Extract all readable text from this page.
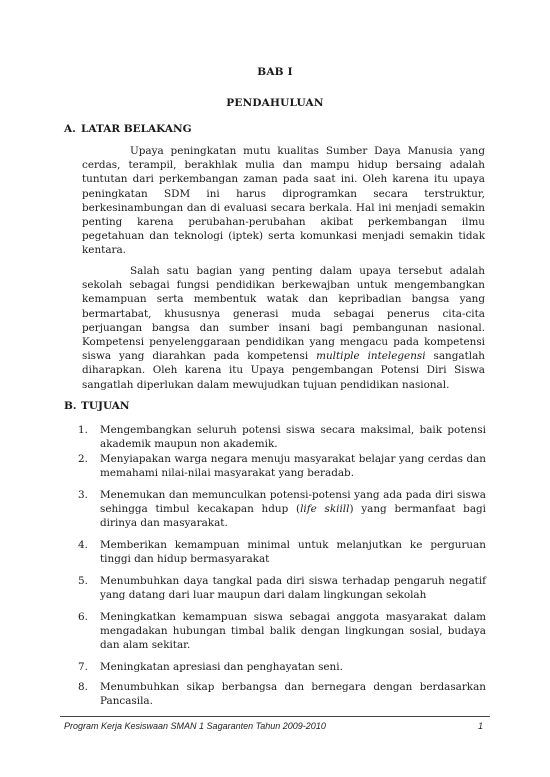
BAB I
PENDAHULUAN
A. LATAR BELAKANG

Upaya peningkatan mutu kualitas Sumber Daya Manusia yang cerdas, terampil, berakhlak mulia dan mampu hidup bersaing adalah tuntutan dari perkembangan zaman pada saat ini. Oleh karena itu upaya peningkatan SDM ini harus diprogramkan secara terstruktur, berkesinambungan dan di evaluasi secara berkala. Hal ini menjadi semakin penting karena perubahan-perubahan akibat perkembangan ilmu pegetahuan dan teknologi (iptek) serta komunkasi menjadi semakin tidak kentara.

Salah satu bagian yang penting dalam upaya tersebut adalah sekolah sebagai fungsi pendidikan berkewajban untuk mengembangkan kemampuan serta membentuk watak dan kepribadian bangsa yang bermartabat, khususnya generasi muda sebagai penerus cita-cita perjuangan bangsa dan sumber insani bagi pembangunan nasional. Kompetensi penyelenggaraan pendidikan yang mengacu pada kompetensi siswa yang diarahkan pada kompetensi multiple intelegensi sangatlah diharapkan. Oleh karena itu Upaya pengembangan Potensi Diri Siswa sangatlah diperlukan dalam mewujudkan tujuan pendidikan nasional.

B. TUJUAN
1.	Mengembangkan seluruh potensi siswa secara maksimal, baik potensi akademik maupun non akademik.
2.	Menyiapakan warga negara menuju masyarakat belajar yang cerdas dan memahami nilai-nilai masyarakat yang beradab.
3.	Menemukan dan memunculkan potensi-potensi yang ada pada diri siswa sehingga timbul kecakapan hdup (life skiill) yang bermanfaat bagi dirinya dan masyarakat.
4.	Memberikan kemampuan minimal untuk melanjutkan ke perguruan tinggi dan hidup bermasyarakat
5.	Menumbuhkan daya tangkal pada diri siswa terhadap pengaruh negatif yang datang dari luar maupun dari dalam lingkungan sekolah
6.	Meningkatkan kemampuan siswa sebagai anggota masyarakat dalam mengadakan hubungan timbal balik dengan lingkungan sosial, budaya dan alam sekitar.
7.	Meningkatan apresiasi dan penghayatan seni.
8.	Menumbuhkan sikap berbangsa dan bernegara dengan berdasarkan Pancasila.
Program Kerja Kesiswaan SMAN 1 Sagaranten Tahun 2009-2010	1
